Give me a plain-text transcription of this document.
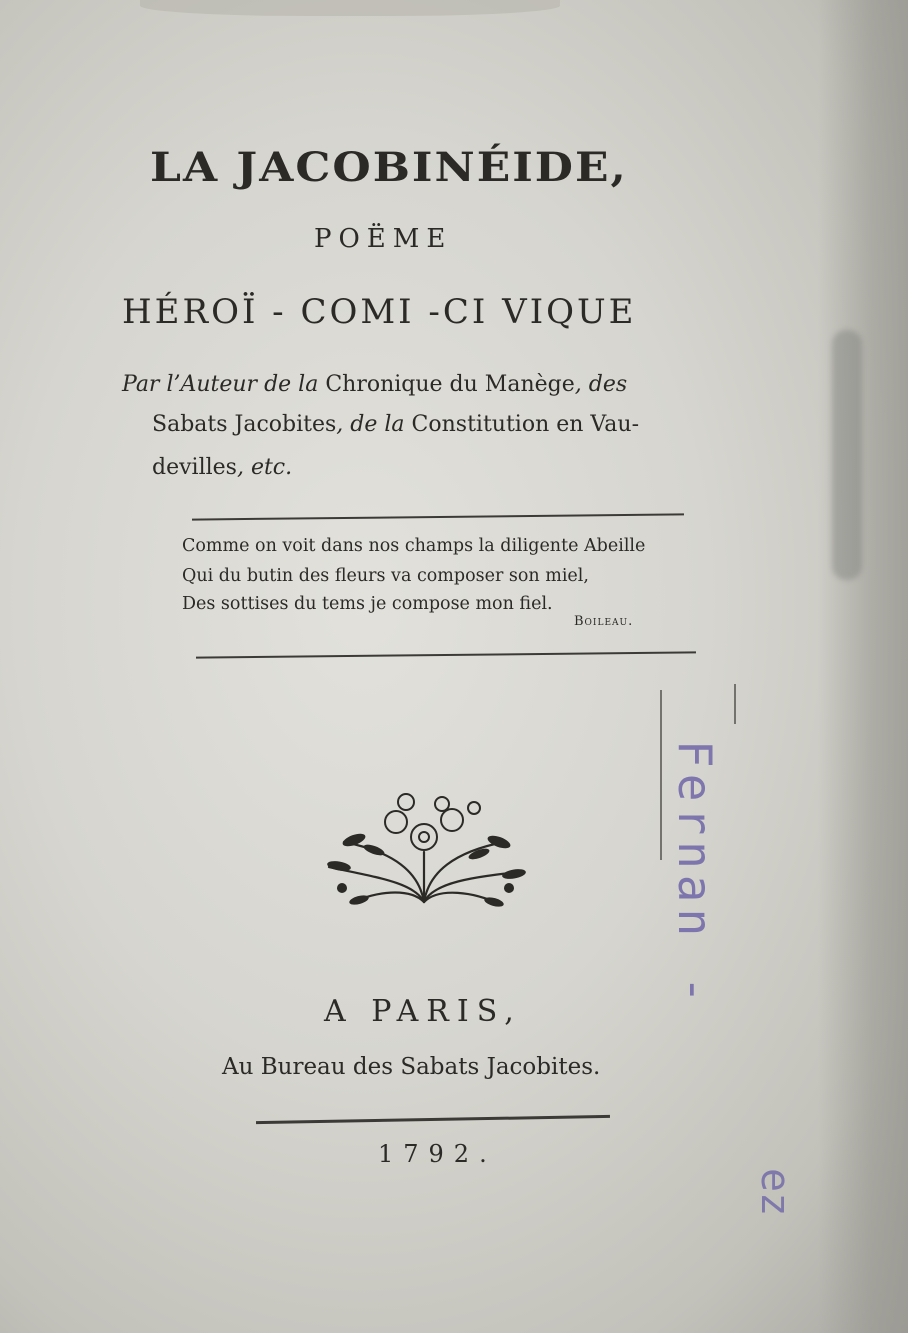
LA JACOBINÉIDE,
POËME
HÉROÏ - COMI -CI VIQUE
Par l’Auteur de la Chronique du Manège, des
Sabats Jacobites, de la Constitution en Vau-
devilles, etc.
Comme on voit dans nos champs la diligente Abeille
Qui du butin des fleurs va composer son miel,
Des sottises du tems je compose mon fiel.
Boileau.
A PARIS,
Au Bureau des Sabats Jacobites.
1792.
Fernan -
ez
